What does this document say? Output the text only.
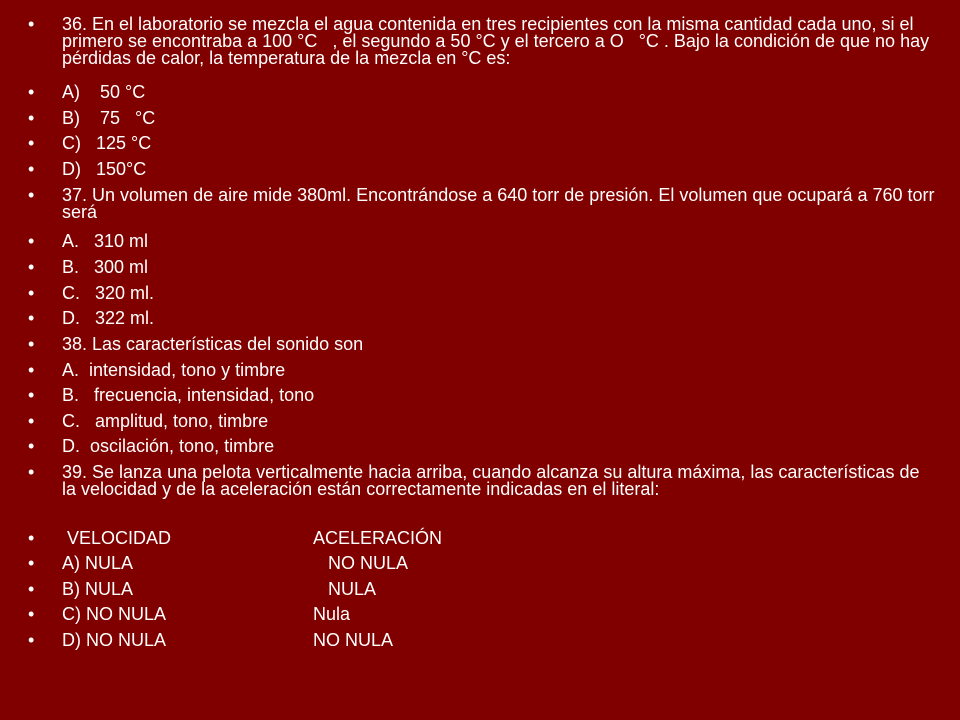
•	36. En el laboratorio se mezcla el agua contenida en tres recipientes con la misma cantidad cada uno, si el primero se encontraba a 100 °C   , el segundo a 50 °C y el tercero a O   °C . Bajo la condición de que no hay pérdidas de calor, la temperatura de la mezcla en °C es:
•	A)    50 °C
•	B)    75   °C
•	C)   125 °C
•	D)   150°C
•	37. Un volumen de aire mide 380ml. Encontrándose a 640 torr de presión. El volumen que ocupará a 760 torr será
•	A.   310 ml
•	B.   300 ml
•	C.   320 ml.
•	D.   322 ml.
•	38. Las características del sonido son
•	A.  intensidad, tono y timbre
•	B.   frecuencia, intensidad, tono
•	C.   amplitud, tono, timbre
•	D.  oscilación, tono, timbre
•	39. Se lanza una pelota verticalmente hacia arriba, cuando alcanza su altura máxima, las características de la velocidad y de la aceleración están correctamente indicadas en el literal:
•	VELOCIDAD	ACELERACIÓN
•	A) NULA	NO NULA
•	B) NULA	NULA
•	C) NO NULA	Nula
•	D) NO NULA	NO NULA
